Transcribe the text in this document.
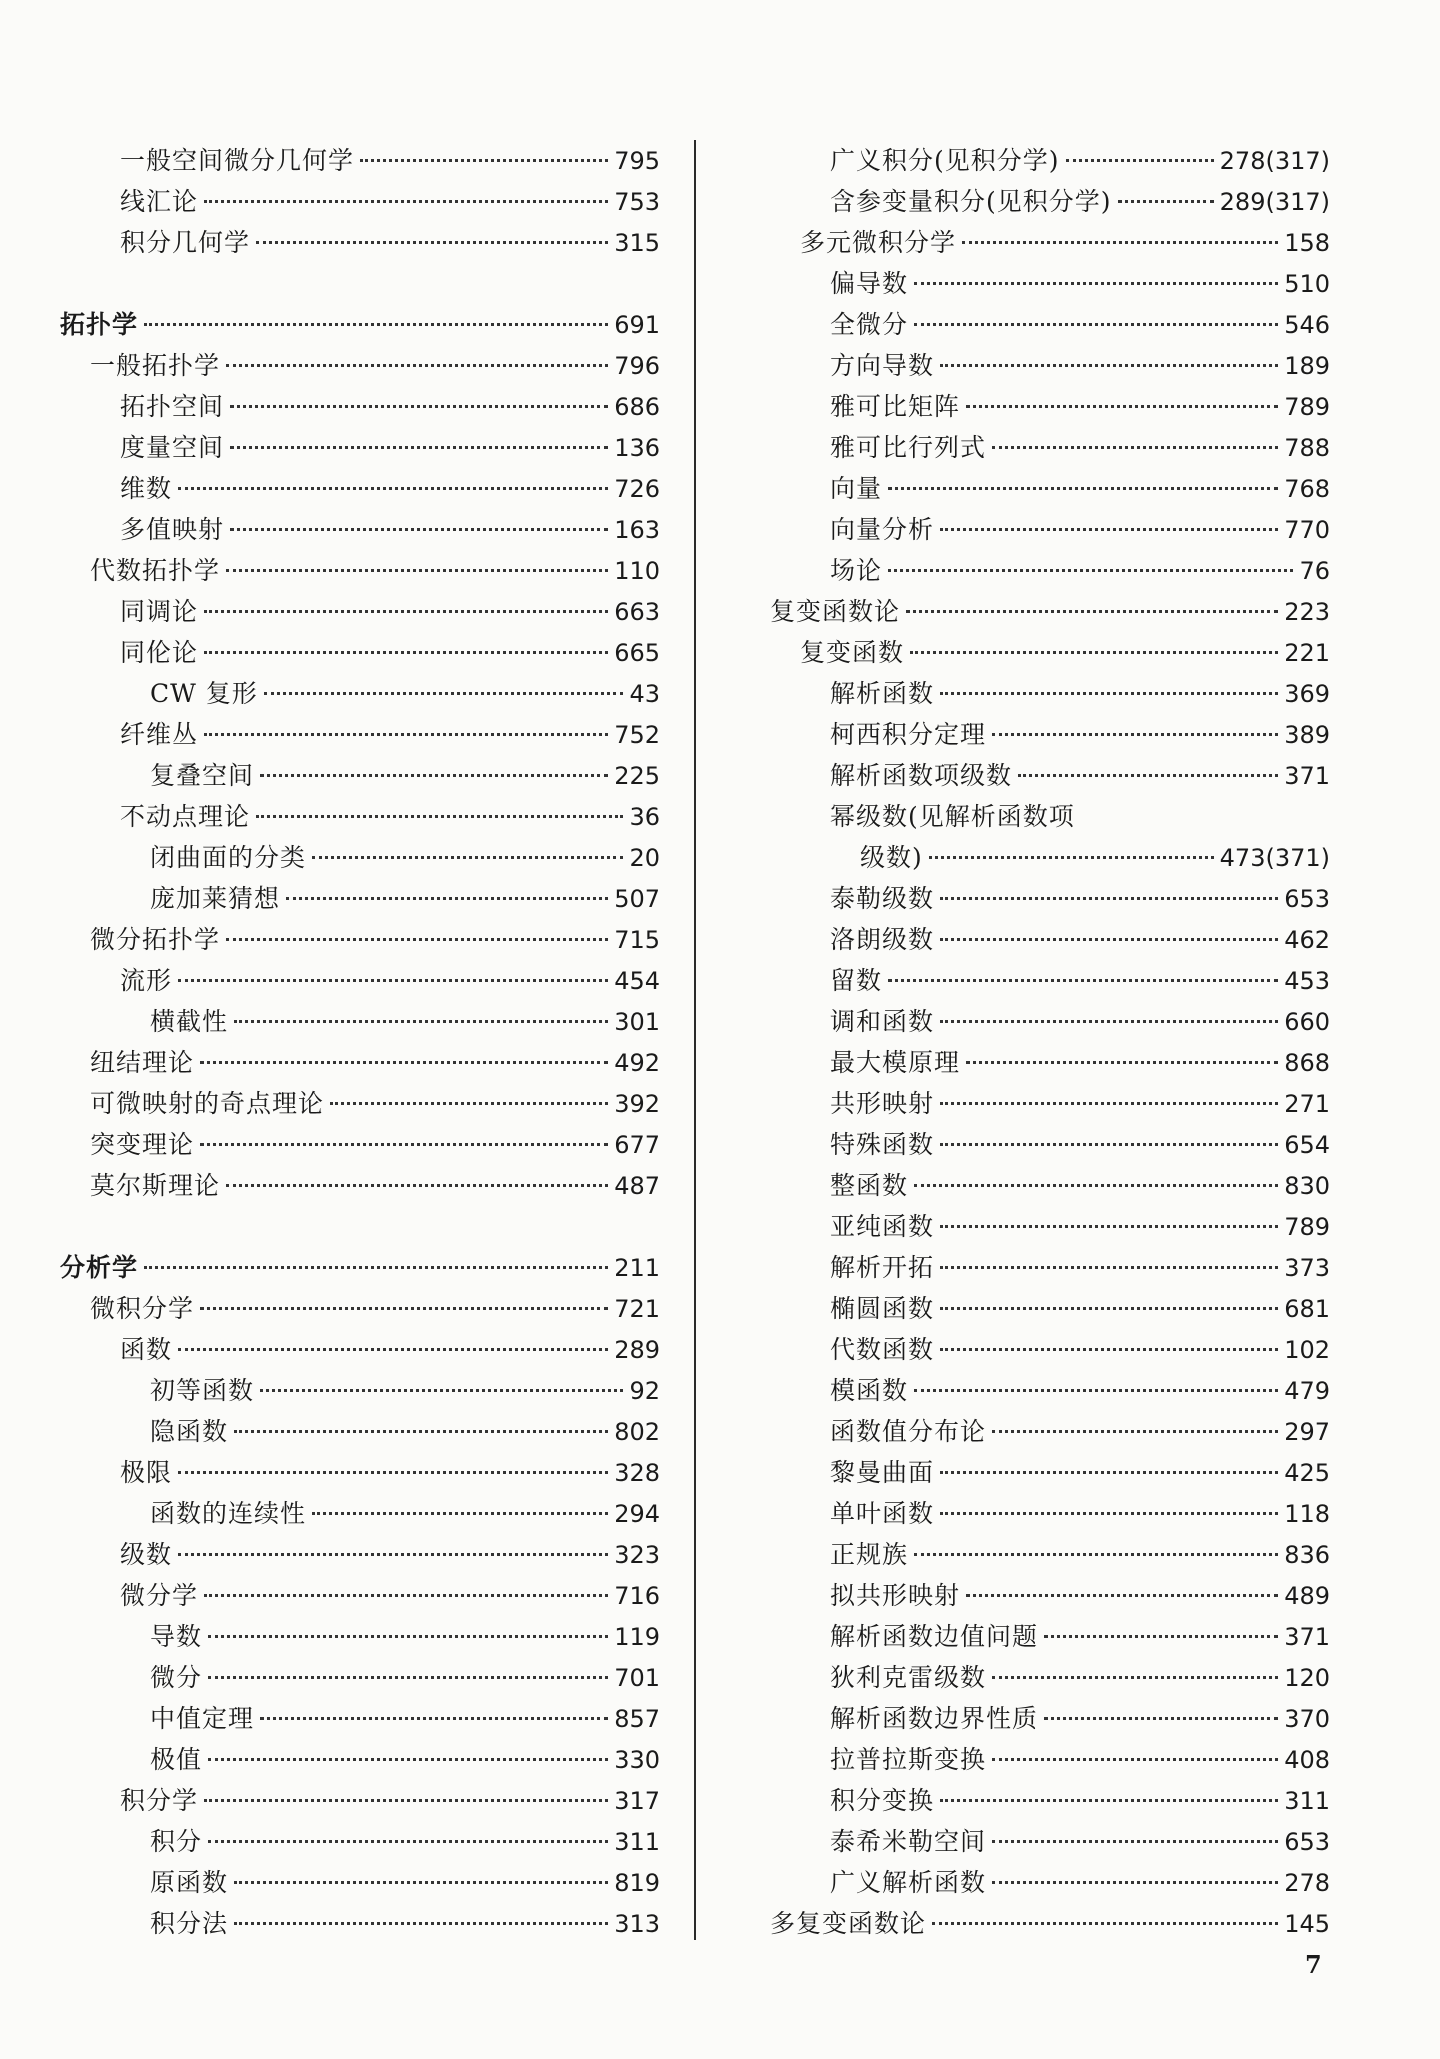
一般空间微分几何学	795
线汇论	753
积分几何学	315
拓扑学	691
一般拓扑学	796
拓扑空间	686
度量空间	136
维数	726
多值映射	163
代数拓扑学	110
同调论	663
同伦论	665
CW 复形	43
纤维丛	752
复叠空间	225
不动点理论	36
闭曲面的分类	20
庞加莱猜想	507
微分拓扑学	715
流形	454
横截性	301
纽结理论	492
可微映射的奇点理论	392
突变理论	677
莫尔斯理论	487
分析学	211
微积分学	721
函数	289
初等函数	92
隐函数	802
极限	328
函数的连续性	294
级数	323
微分学	716
导数	119
微分	701
中值定理	857
极值	330
积分学	317
积分	311
原函数	819
积分法	313
广义积分(见积分学)	278(317)
含参变量积分(见积分学)	289(317)
多元微积分学	158
偏导数	510
全微分	546
方向导数	189
雅可比矩阵	789
雅可比行列式	788
向量	768
向量分析	770
场论	76
复变函数论	223
复变函数	221
解析函数	369
柯西积分定理	389
解析函数项级数	371
幂级数(见解析函数项
级数)	473(371)
泰勒级数	653
洛朗级数	462
留数	453
调和函数	660
最大模原理	868
共形映射	271
特殊函数	654
整函数	830
亚纯函数	789
解析开拓	373
椭圆函数	681
代数函数	102
模函数	479
函数值分布论	297
黎曼曲面	425
单叶函数	118
正规族	836
拟共形映射	489
解析函数边值问题	371
狄利克雷级数	120
解析函数边界性质	370
拉普拉斯变换	408
积分变换	311
泰希米勒空间	653
广义解析函数	278
多复变函数论	145
7
